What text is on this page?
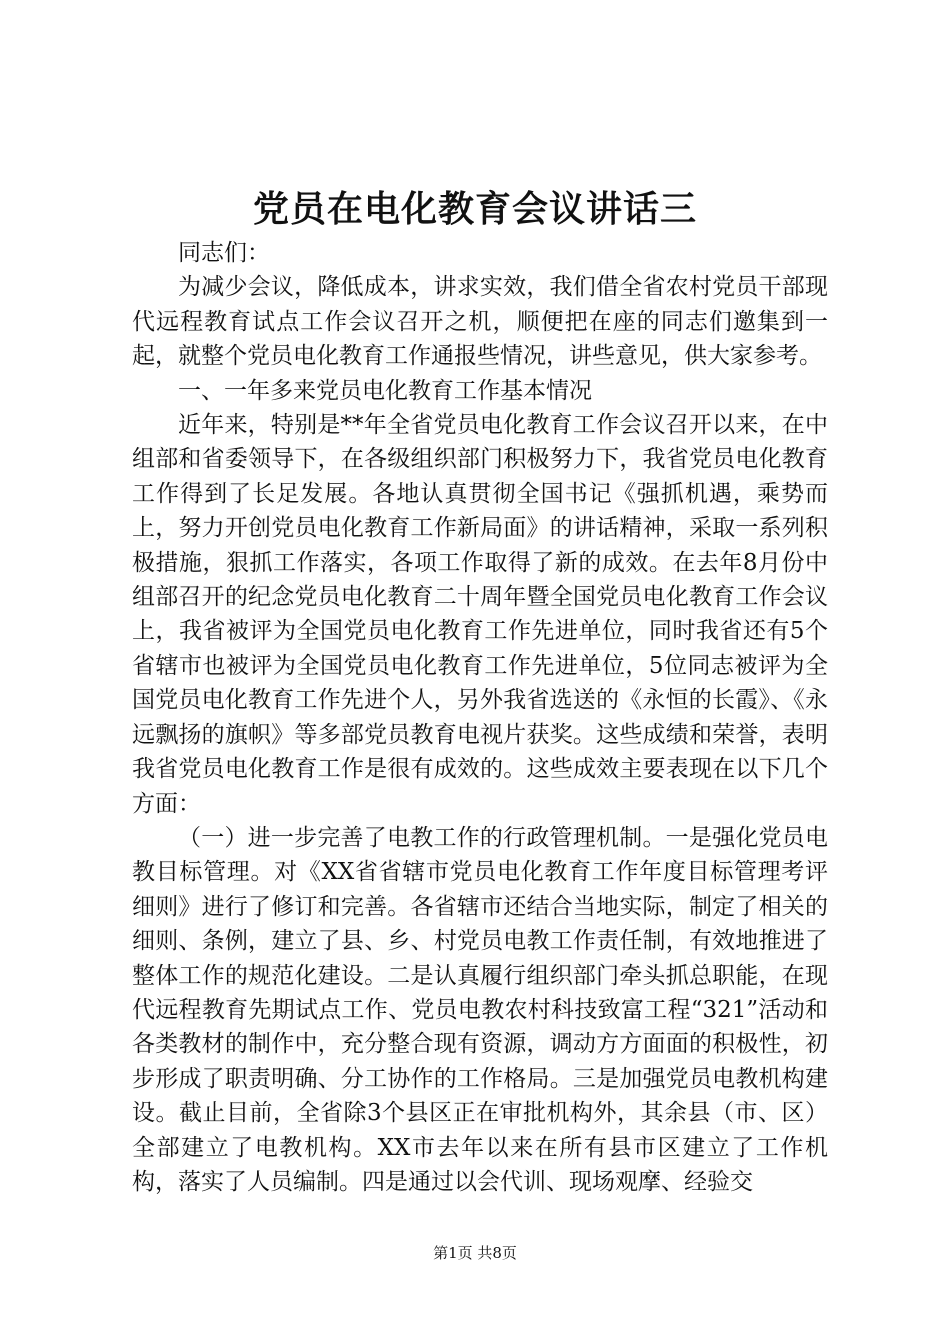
党员在电化教育会议讲话三

同志们：

为减少会议，降低成本，讲求实效，我们借全省农村党员干部现代远程教育试点工作会议召开之机，顺便把在座的同志们邀集到一起，就整个党员电化教育工作通报些情况，讲些意见，供大家参考。

一、一年多来党员电化教育工作基本情况

近年来，特别是**年全省党员电化教育工作会议召开以来，在中组部和省委领导下，在各级组织部门积极努力下，我省党员电化教育工作得到了长足发展。各地认真贯彻全国书记《强抓机遇，乘势而上，努力开创党员电化教育工作新局面》的讲话精神，采取一系列积极措施，狠抓工作落实，各项工作取得了新的成效。在去年8月份中组部召开的纪念党员电化教育二十周年暨全国党员电化教育工作会议上，我省被评为全国党员电化教育工作先进单位，同时我省还有5个省辖市也被评为全国党员电化教育工作先进单位，5位同志被评为全国党员电化教育工作先进个人，另外我省选送的《永恒的长霞》、《永远飘扬的旗帜》等多部党员教育电视片获奖。这些成绩和荣誉，表明我省党员电化教育工作是很有成效的。这些成效主要表现在以下几个方面：

（一）进一步完善了电教工作的行政管理机制。一是强化党员电教目标管理。对《XX省省辖市党员电化教育工作年度目标管理考评细则》进行了修订和完善。各省辖市还结合当地实际，制定了相关的细则、条例，建立了县、乡、村党员电教工作责任制，有效地推进了整体工作的规范化建设。二是认真履行组织部门牵头抓总职能，在现代远程教育先期试点工作、党员电教农村科技致富工程“321”活动和各类教材的制作中，充分整合现有资源，调动方方面面的积极性，初步形成了职责明确、分工协作的工作格局。三是加强党员电教机构建设。截止目前，全省除3个县区正在审批机构外，其余县（市、区）全部建立了电教机构。XX市去年以来在所有县市区建立了工作机构，落实了人员编制。四是通过以会代训、现场观摩、经验交

第1页 共8页
